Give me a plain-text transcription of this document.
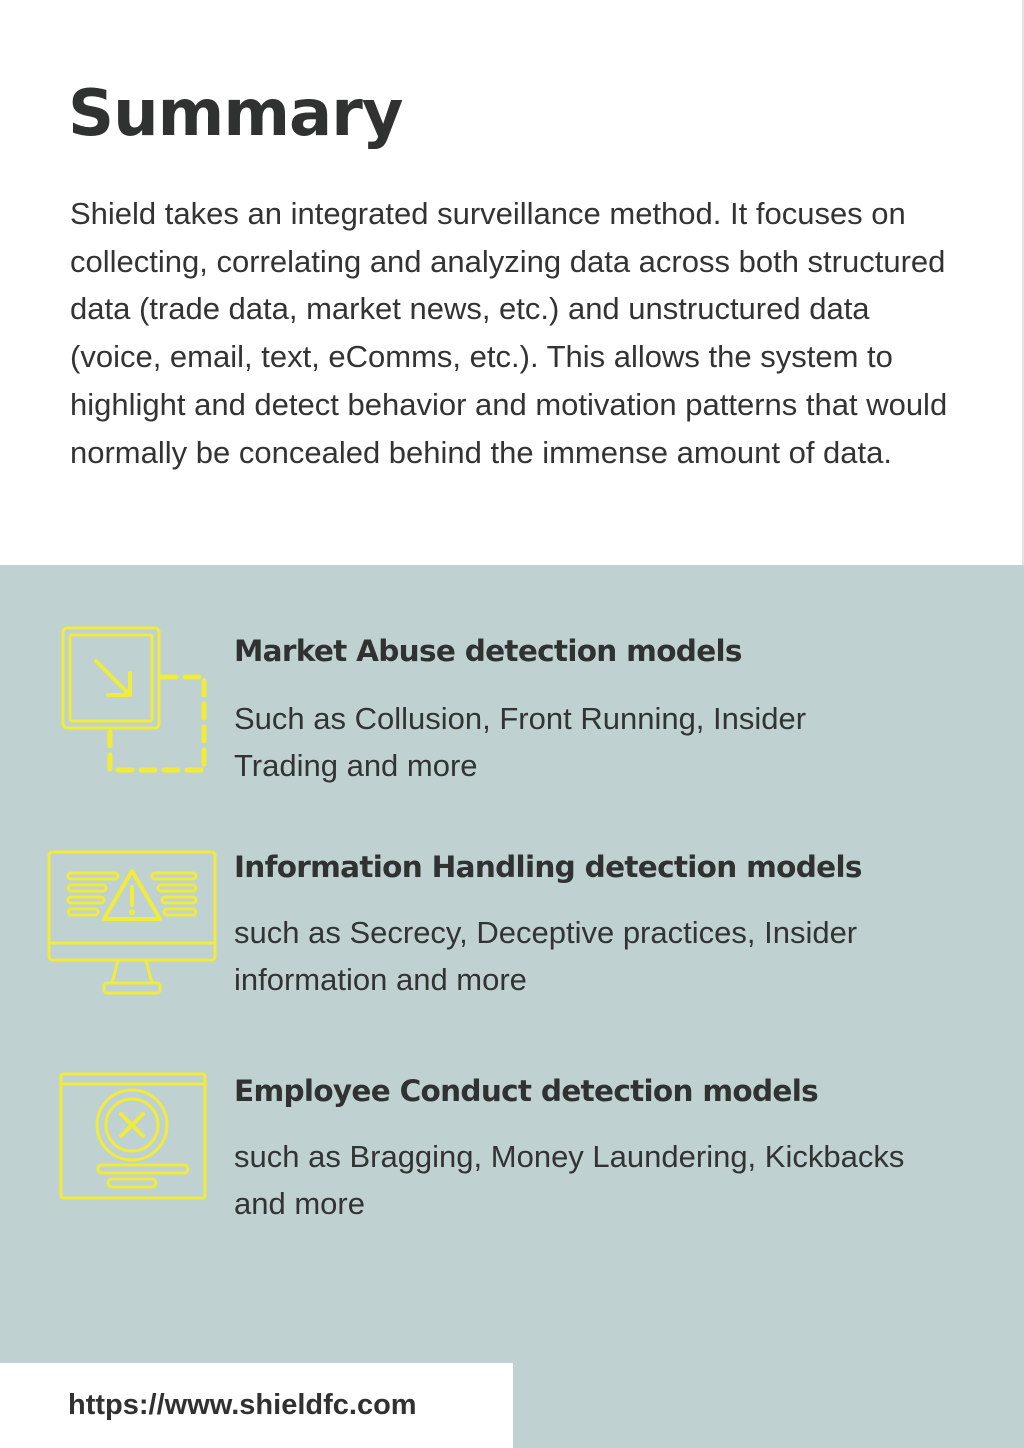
Summary

Shield takes an integrated surveillance method. It focuses on collecting, correlating and analyzing data across both structured data (trade data, market news, etc.) and unstructured data (voice, email, text, eComms, etc.). This allows the system to highlight and detect behavior and motivation patterns that would normally be concealed behind the immense amount of data.

Market Abuse detection models

Such as Collusion, Front Running, Insider Trading and more

Information Handling detection models

such as Secrecy, Deceptive practices, Insider information and more

Employee Conduct detection models

such as Bragging, Money Laundering, Kickbacks and more

https://www.shieldfc.com
